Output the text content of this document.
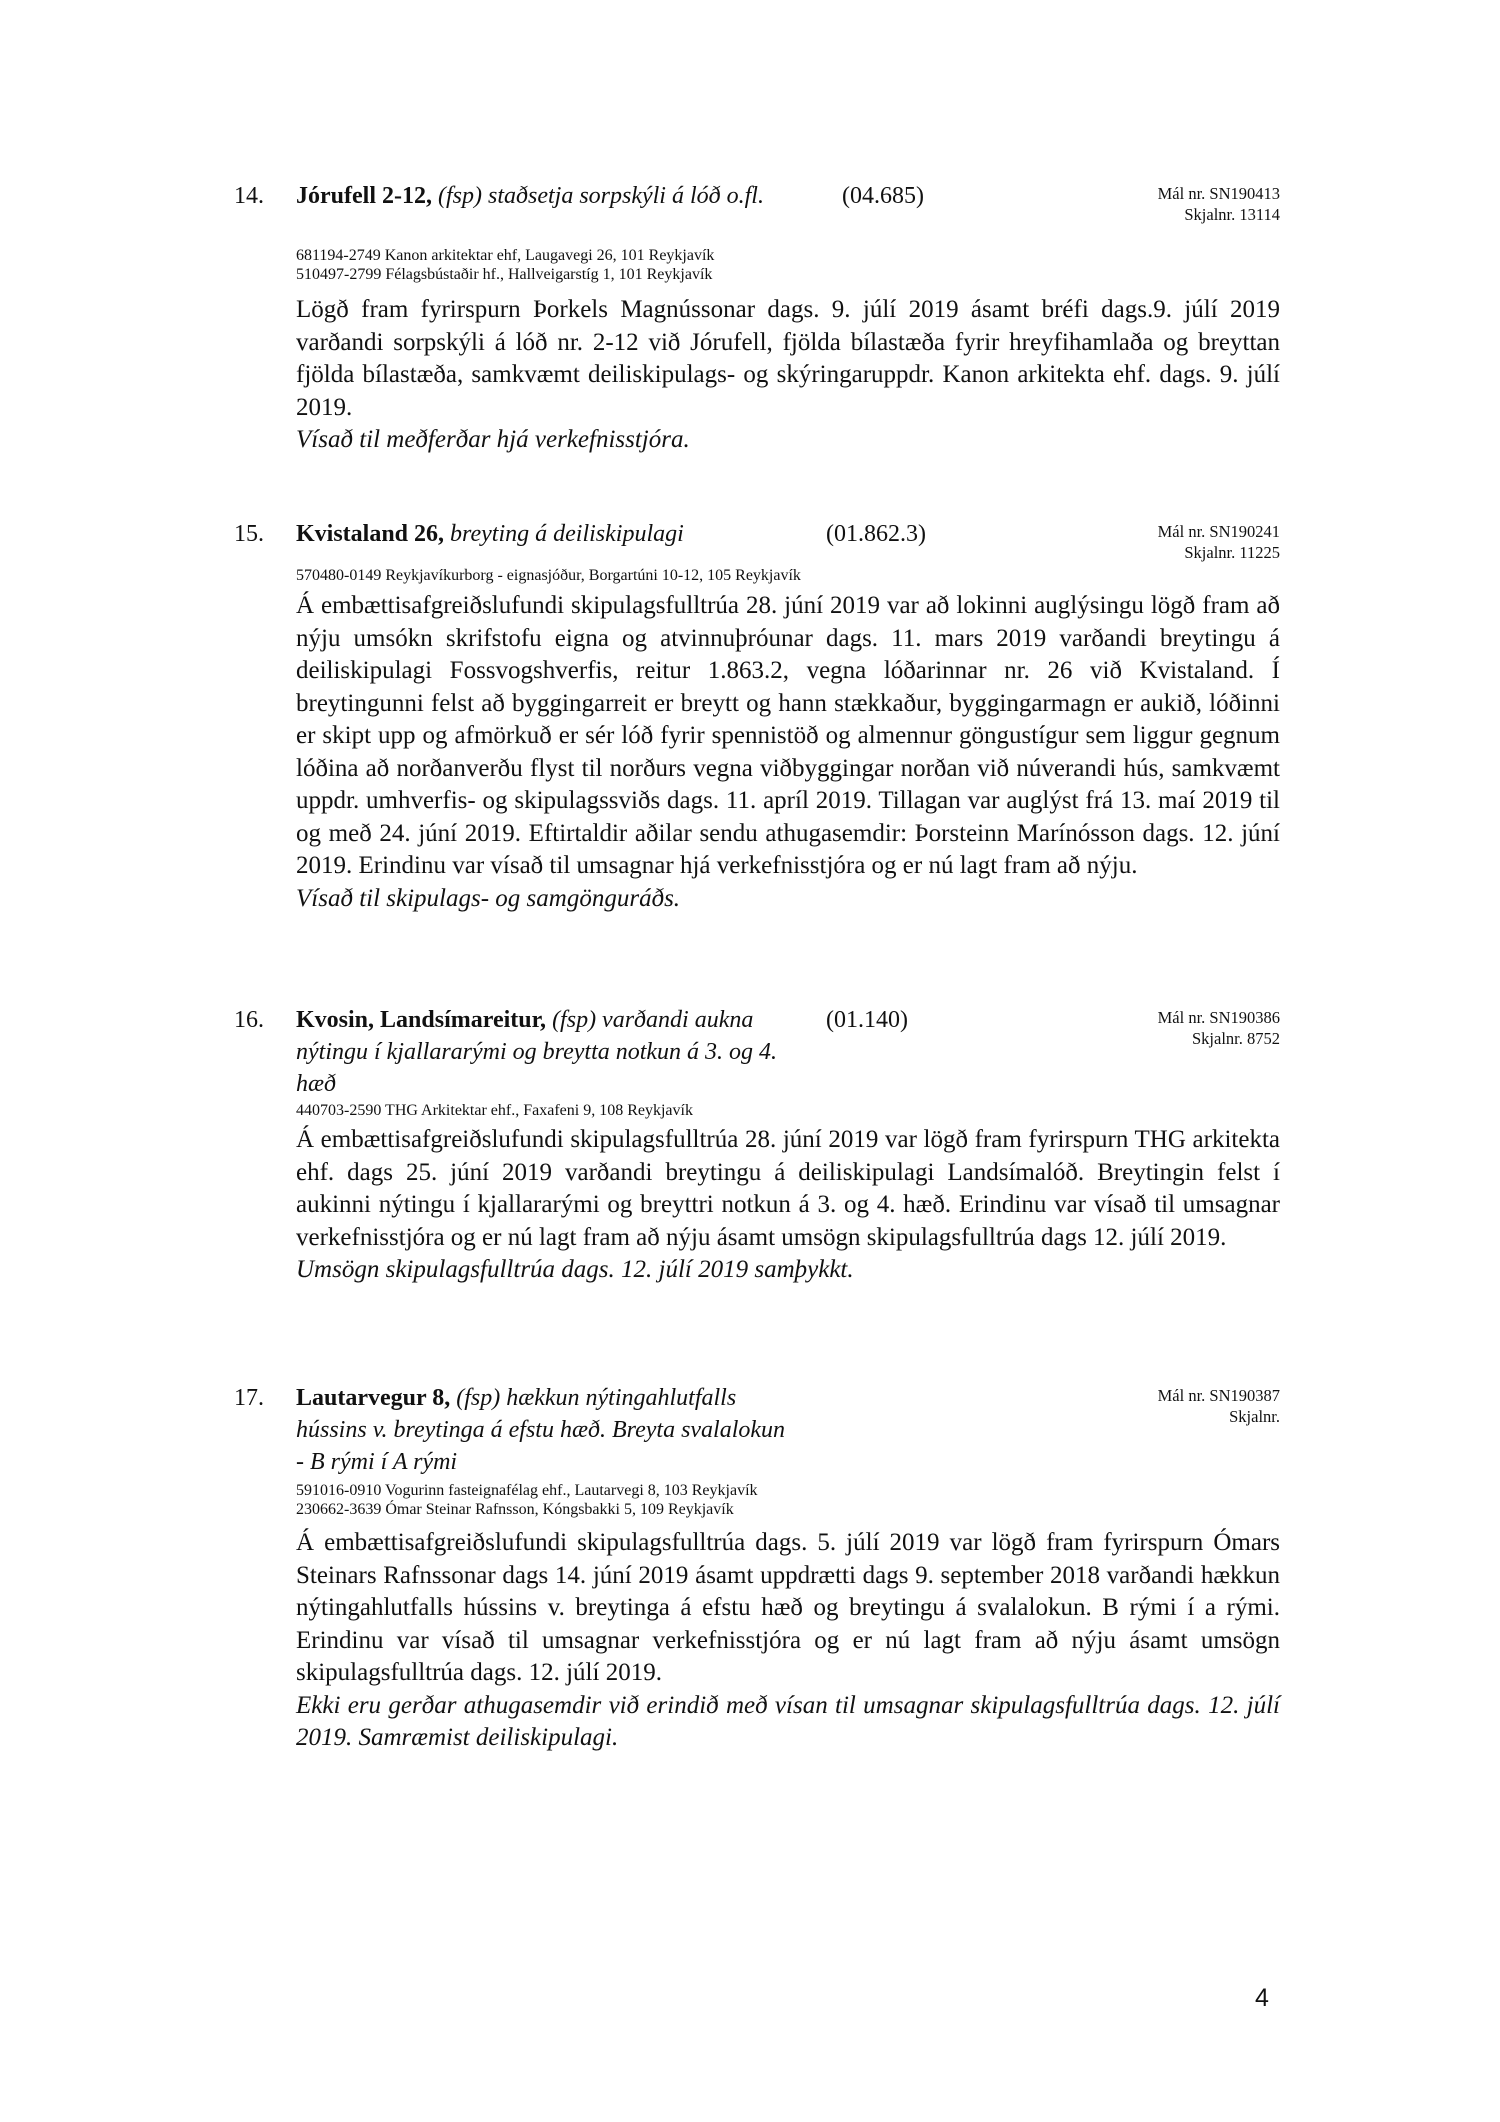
14. Jórufell 2-12, (fsp) staðsetja sorpskýli á lóð o.fl.	(04.685)	Mál nr. SN190413
Skjalnr. 13114
681194-2749 Kanon arkitektar ehf, Laugavegi 26, 101 Reykjavík
510497-2799 Félagsbústaðir hf., Hallveigarstíg 1, 101 Reykjavík
Lögð fram fyrirspurn Þorkels Magnússonar dags. 9. júlí 2019 ásamt bréfi dags.9. júlí 2019 varðandi sorpskýli á lóð nr. 2-12 við Jórufell, fjölda bílastæða fyrir hreyfihamlaða og breyttan fjölda bílastæða, samkvæmt deiliskipulags- og skýringaruppdr. Kanon arkitekta ehf. dags. 9. júlí 2019.
Vísað til meðferðar hjá verkefnisstjóra.
15. Kvistaland 26, breyting á deiliskipulagi	(01.862.3)	Mál nr. SN190241
Skjalnr. 11225
570480-0149 Reykjavíkurborg - eignasjóður, Borgartúni 10-12, 105 Reykjavík
Á embættisafgreiðslufundi skipulagsfulltrúa 28. júní 2019 var að lokinni auglýsingu lögð fram að nýju umsókn skrifstofu eigna og atvinnuþróunar dags. 11. mars 2019 varðandi breytingu á deiliskipulagi Fossvogshverfis, reitur 1.863.2, vegna lóðarinnar nr. 26 við Kvistaland. Í breytingunni felst að byggingarreit er breytt og hann stækkaður, byggingarmagn er aukið, lóðinni er skipt upp og afmörkuð er sér lóð fyrir spennistöð og almennur göngustígur sem liggur gegnum lóðina að norðanverðu flyst til norðurs vegna viðbyggingar norðan við núverandi hús, samkvæmt uppdr. umhverfis- og skipulagssviðs dags. 11. apríl 2019. Tillagan var auglýst frá 13. maí 2019 til og með 24. júní 2019. Eftirtaldir aðilar sendu athugasemdir: Þorsteinn Marínósson dags. 12. júní 2019. Erindinu var vísað til umsagnar hjá verkefnisstjóra og er nú lagt fram að nýju.
Vísað til skipulags- og samgönguráðs.
16. Kvosin, Landsímareitur, (fsp) varðandi aukna nýtingu í kjallararými og breytta notkun á 3. og 4. hæð
(01.140)	Mál nr. SN190386
Skjalnr. 8752
440703-2590 THG Arkitektar ehf., Faxafeni 9, 108 Reykjavík
Á embættisafgreiðslufundi skipulagsfulltrúa 28. júní 2019 var lögð fram fyrirspurn THG arkitekta ehf. dags 25. júní 2019 varðandi breytingu á deiliskipulagi Landsímalóð. Breytingin felst í aukinni nýtingu í kjallararými og breyttri notkun á 3. og 4. hæð. Erindinu var vísað til umsagnar verkefnisstjóra og er nú lagt fram að nýju ásamt umsögn skipulagsfulltrúa dags 12. júlí 2019.
Umsögn skipulagsfulltrúa dags. 12. júlí 2019 samþykkt.
17. Lautarvegur 8, (fsp) hækkun nýtingahlutfalls hússins v. breytinga á efstu hæð. Breyta svalalokun - B rými í A rými
Mál nr. SN190387
Skjalnr.
591016-0910 Vogurinn fasteignafélag ehf., Lautarvegi 8, 103 Reykjavík
230662-3639 Ómar Steinar Rafnsson, Kóngsbakki 5, 109 Reykjavík
Á embættisafgreiðslufundi skipulagsfulltrúa dags. 5. júlí 2019 var lögð fram fyrirspurn Ómars Steinars Rafnssonar dags 14. júní 2019 ásamt uppdrætti dags 9. september 2018 varðandi hækkun nýtingahlutfalls hússins v. breytinga á efstu hæð og breytingu á svalalokun. B rými í a rými. Erindinu var vísað til umsagnar verkefnisstjóra og er nú lagt fram að nýju ásamt umsögn skipulagsfulltrúa dags. 12. júlí 2019.
Ekki eru gerðar athugasemdir við erindið með vísan til umsagnar skipulagsfulltrúa dags. 12. júlí 2019. Samræmist deiliskipulagi.
4
